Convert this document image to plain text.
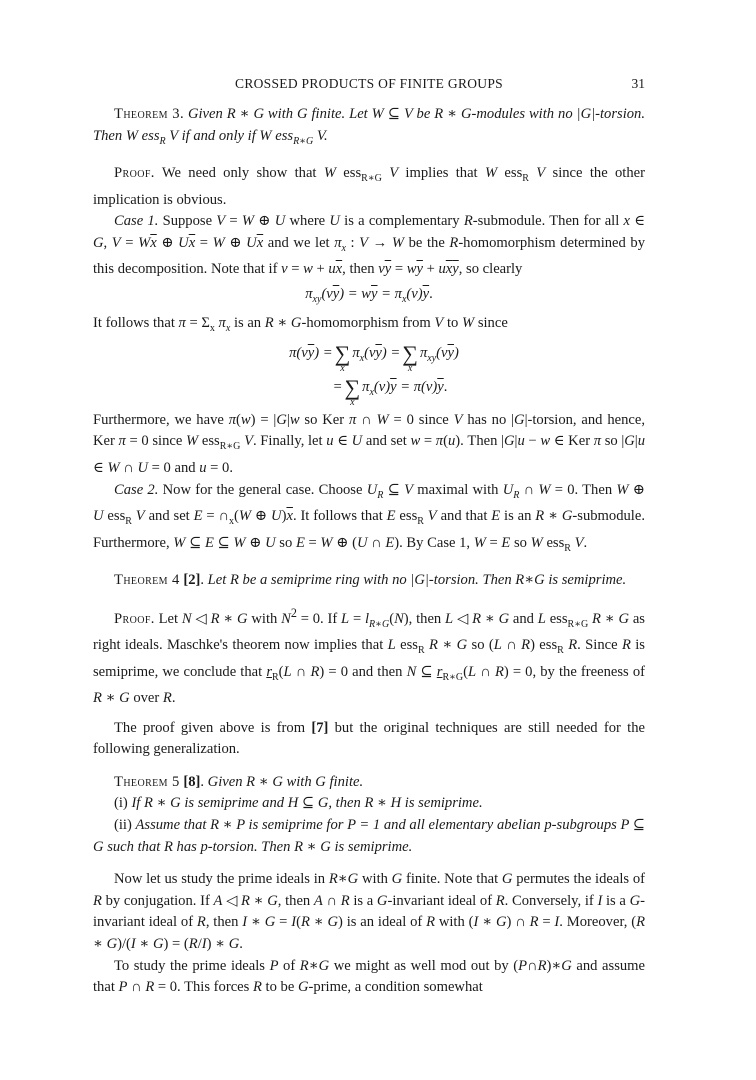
CROSSED PRODUCTS OF FINITE GROUPS	31

Theorem 3. Given R ∗ G with G finite. Let W ⊆ V be R ∗ G-modules with no |G|-torsion. Then W ess$_R$ V if and only if W ess$_{R∗G}$ V.

Proof. We need only show that W ess$_{R∗G}$ V implies that W ess$_R$ V since the other implication is obvious.

Case 1. Suppose V = W ⊕ U where U is a complementary R-submodule. Then for all x ∈ G, $V = W\overline{x}$ ⊕ $U\overline{x} = W$ ⊕ $U\overline{x}$ and we let $\pi_x$ : V → W be the R-homomorphism determined by this decomposition. Note that if $v = w + u\overline{x}$, then $v\overline{y} = w\overline{y} + u\overline{x}\overline{y}$, so clearly

$\pi_{xy}(v\overline{y}) = w\overline{y} = \pi_x(v)\overline{y}$.

It follows that $\pi = \Sigma_x$ $\pi_x$ is an R ∗ G-homomorphism from V to W since

$\pi(v\overline{y})$ = ∑
x
$\pi_x(v\overline{y})$ = ∑
x
$\pi_{xy}(v\overline{y})$
= ∑
x
$\pi_x(v)\overline{y} = \pi(v)\overline{y}$ .

Furthermore, we have π(w) = |G|w so Ker π ∩ W = 0 since V has no |G|-torsion, and hence, Ker π = 0 since W ess$_{R∗G}$ V. Finally, let u ∈ U and set w = π(u). Then |G|u − w ∈ Ker π so |G|u ∈ W ∩ U = 0 and u = 0.

Case 2. Now for the general case. Choose $U_R$ ⊆ V maximal with $U_R$ ∩ W = 0. Then W ⊕ U ess$_R$ V and set $E = \cap_x(W$ ⊕ $U)\overline{x}$. It follows that E ess$_R$ V and that E is an R ∗ G-submodule. Furthermore, W ⊆ E ⊆ W ⊕ U so E = W ⊕ (U ∩ E). By Case 1, W = E so W ess$_R$ V.

Theorem 4 [2]. Let R be a semiprime ring with no |G|-torsion. Then R∗G is semiprime.

Proof. Let N ◁ R ∗ G with $N^2 = 0$. If $L = l_{R∗G}(N)$, then L ◁ R ∗ G and L ess$_{R∗G}$ R ∗ G as right ideals. Maschke's theorem now implies that L ess$_R$ R ∗ G so (L ∩ R) ess$_R$ R. Since R is semiprime, we conclude that $r_R(L$ ∩ R) = 0 and then N ⊆ $r_{R∗G}(L$ ∩ R) = 0, by the freeness of R ∗ G over R.

The proof given above is from [7] but the original techniques are still needed for the following generalization.

Theorem 5 [8]. Given R ∗ G with G finite.

(i) If R ∗ G is semiprime and H ⊆ G, then R ∗ H is semiprime.

(ii) Assume that R ∗ P is semiprime for P = 1 and all elementary abelian p-subgroups P ⊆ G such that R has p-torsion. Then R ∗ G is semiprime.

Now let us study the prime ideals in R∗G with G finite. Note that G permutes the ideals of R by conjugation. If A ◁ R ∗ G, then A ∩ R is a G-invariant ideal of R. Conversely, if I is a G-invariant ideal of R, then I ∗ G = I(R ∗ G) is an ideal of R with (I ∗ G) ∩ R = I. Moreover, (R ∗ G)/(I ∗ G) = (R/I) ∗ G.

To study the prime ideals P of R∗G we might as well mod out by (P∩R)∗G and assume that P ∩ R = 0. This forces R to be G-prime, a condition somewhat
